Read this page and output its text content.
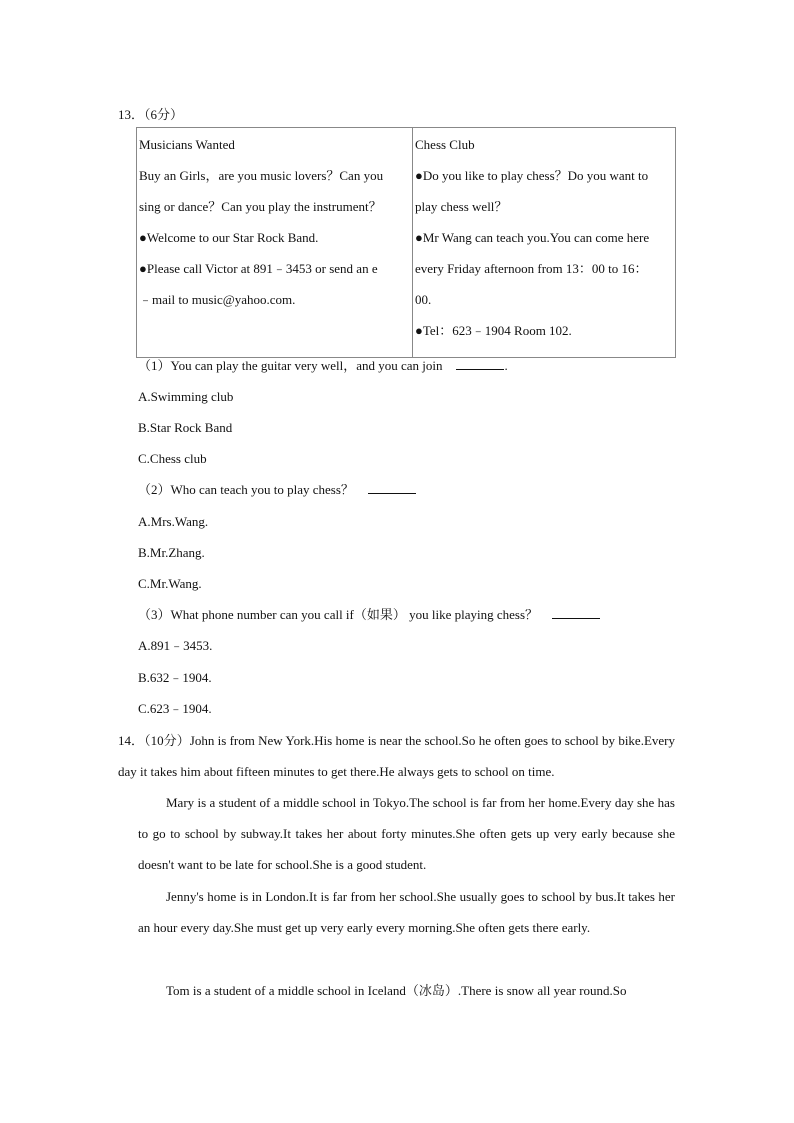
13．（6分）
Musicians Wanted
Buy an Girls，are you music lovers？Can you
sing or dance？Can you play the instrument？
●Welcome to our Star Rock Band.
●Please call Victor at 891﹣3453 or send an e
﹣mail to music@yahoo.com.

Chess Club
●Do you like to play chess？Do you want to
play chess well？
●Mr Wang can teach you.You can come here
every Friday afternoon from 13：00 to 16：
00.
●Tel：623﹣1904 Room 102.
（1）You can play the guitar very well，and you can join	.
A.Swimming club
B.Star Rock Band
C.Chess club
（2）Who can teach you to play chess？
A.Mrs.Wang.
B.Mr.Zhang.
C.Mr.Wang.
（3）What phone number can you call if（如果） you like playing chess？
A.891﹣3453.
B.632﹣1904.
C.623﹣1904.
14．（10分）John is from New York.His home is near the school.So he often goes to school by bike.Every day it takes him about fifteen minutes to get there.He always gets to school on time.
Mary is a student of a middle school in Tokyo.The school is far from her home.Every day she has to go to school by subway.It takes her about forty minutes.She often gets up very early because she doesn't want to be late for school.She is a good student.
Jenny's home is in London.It is far from her school.She usually goes to school by bus.It takes her an hour every day.She must get up very early every morning.She often gets there early.
Tom is a student of a middle school in Iceland（冰岛）.There is snow all year round.So
